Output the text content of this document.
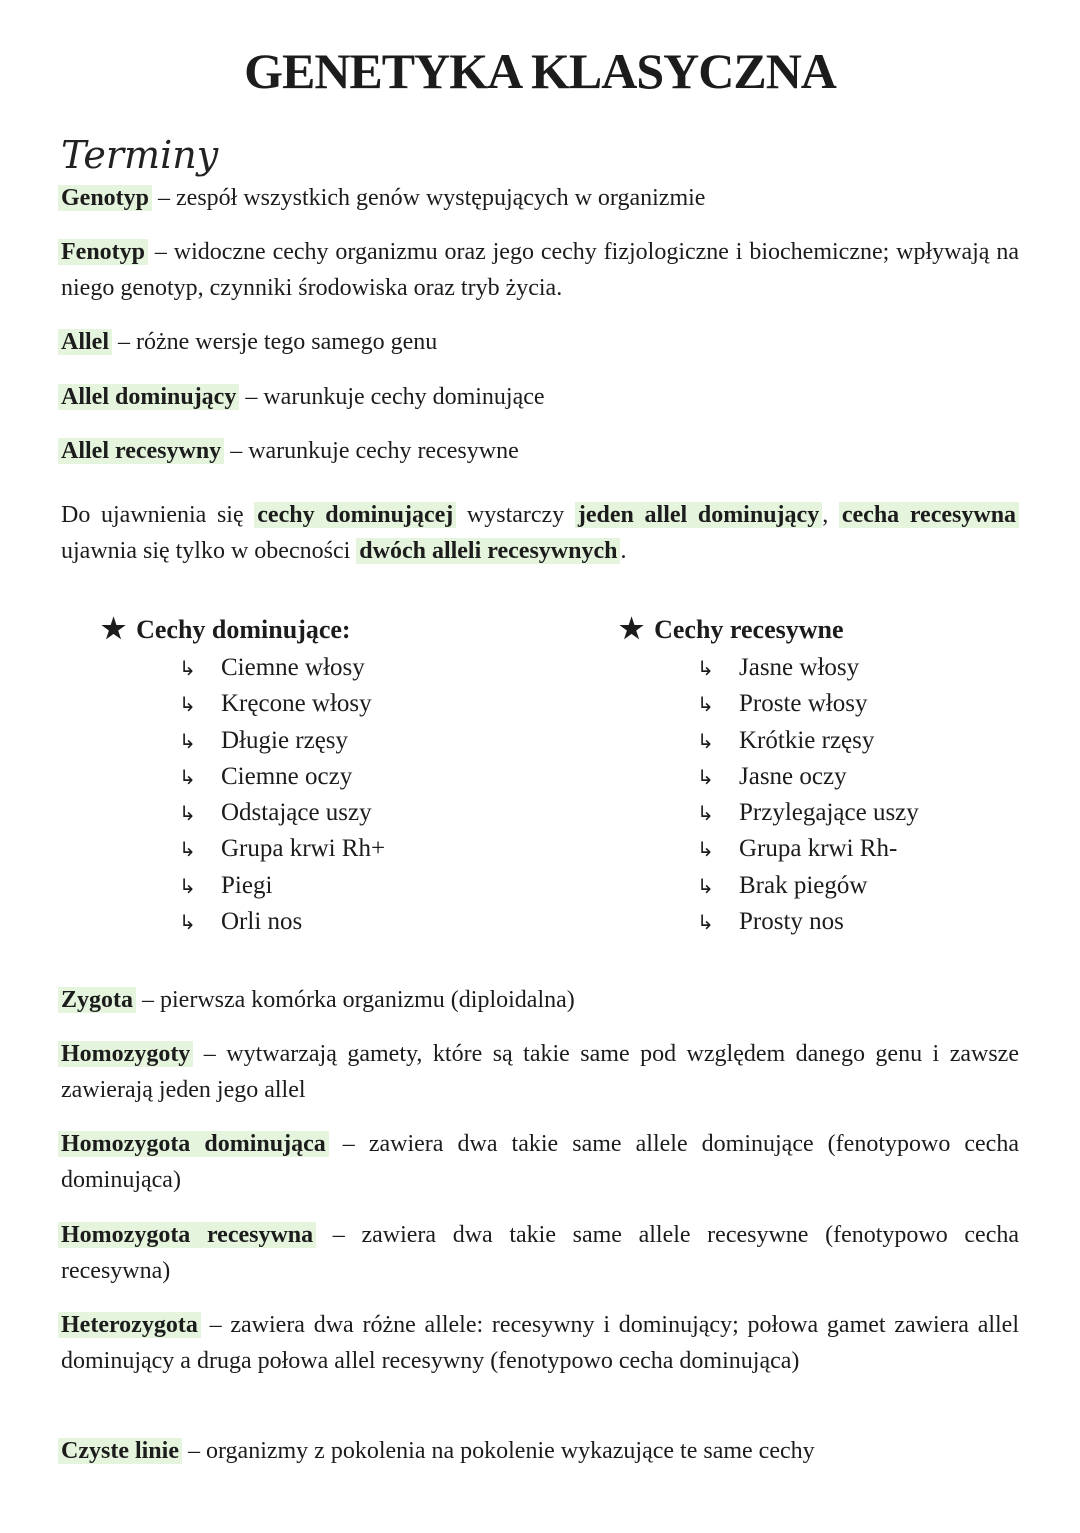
GENETYKA KLASYCZNA
Terminy
Genotyp – zespół wszystkich genów występujących w organizmie
Fenotyp – widoczne cechy organizmu oraz jego cechy fizjologiczne i biochemiczne; wpływają na niego genotyp, czynniki środowiska oraz tryb życia.
Allel – różne wersje tego samego genu
Allel dominujący – warunkuje cechy dominujące
Allel recesywny – warunkuje cechy recesywne
Do ujawnienia się cechy dominującej wystarczy jeden allel dominujący , cecha recesywna ujawnia się tylko w obecności dwóch alleli recesywnych .
★ Cechy dominujące:
↳	Ciemne włosy
↳	Kręcone włosy
↳	Długie rzęsy
↳	Ciemne oczy
↳	Odstające uszy
↳	Grupa krwi Rh+
↳	Piegi
↳	Orli nos
★ Cechy recesywne
↳	Jasne włosy
↳	Proste włosy
↳	Krótkie rzęsy
↳	Jasne oczy
↳	Przylegające uszy
↳	Grupa krwi Rh-
↳	Brak piegów
↳	Prosty nos
Zygota – pierwsza komórka organizmu (diploidalna)
Homozygoty – wytwarzają gamety, które są takie same pod względem danego genu i zawsze zawierają jeden jego allel
Homozygota dominująca – zawiera dwa takie same allele dominujące (fenotypowo cecha dominująca)
Homozygota recesywna – zawiera dwa takie same allele recesywne (fenotypowo cecha recesywna)
Heterozygota – zawiera dwa różne allele: recesywny i dominujący; połowa gamet zawiera allel dominujący a druga połowa allel recesywny (fenotypowo cecha dominująca)
Czyste linie – organizmy z pokolenia na pokolenie wykazujące te same cechy
